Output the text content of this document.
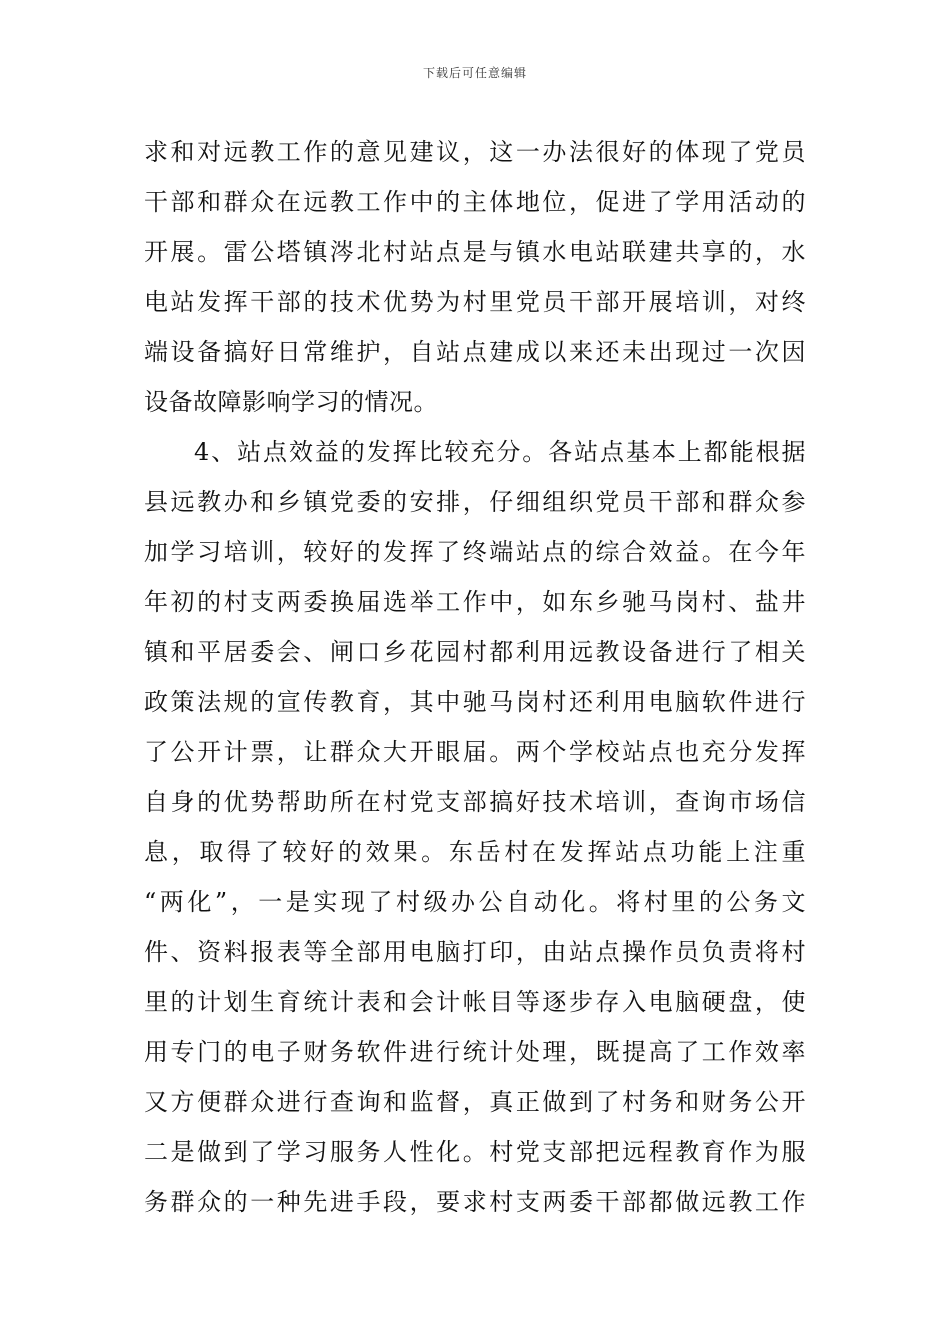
下载后可任意编辑
求和对远教工作的意见建议，这一办法很好的体现了党员
干部和群众在远教工作中的主体地位，促进了学用活动的
开展。雷公塔镇涔北村站点是与镇水电站联建共享的，水
电站发挥干部的技术优势为村里党员干部开展培训，对终
端设备搞好日常维护，自站点建成以来还未出现过一次因
设备故障影响学习的情况。
4、站点效益的发挥比较充分。各站点基本上都能根据
县远教办和乡镇党委的安排，仔细组织党员干部和群众参
加学习培训，较好的发挥了终端站点的综合效益。在今年
年初的村支两委换届选举工作中，如东乡驰马岗村、盐井
镇和平居委会、闸口乡花园村都利用远教设备进行了相关
政策法规的宣传教育，其中驰马岗村还利用电脑软件进行
了公开计票，让群众大开眼届。两个学校站点也充分发挥
自身的优势帮助所在村党支部搞好技术培训，查询市场信
息，取得了较好的效果。东岳村在发挥站点功能上注重
“两化”，一是实现了村级办公自动化。将村里的公务文
件、资料报表等全部用电脑打印，由站点操作员负责将村
里的计划生育统计表和会计帐目等逐步存入电脑硬盘，使
用专门的电子财务软件进行统计处理，既提高了工作效率
又方便群众进行查询和监督，真正做到了村务和财务公开
二是做到了学习服务人性化。村党支部把远程教育作为服
务群众的一种先进手段，要求村支两委干部都做远教工作
